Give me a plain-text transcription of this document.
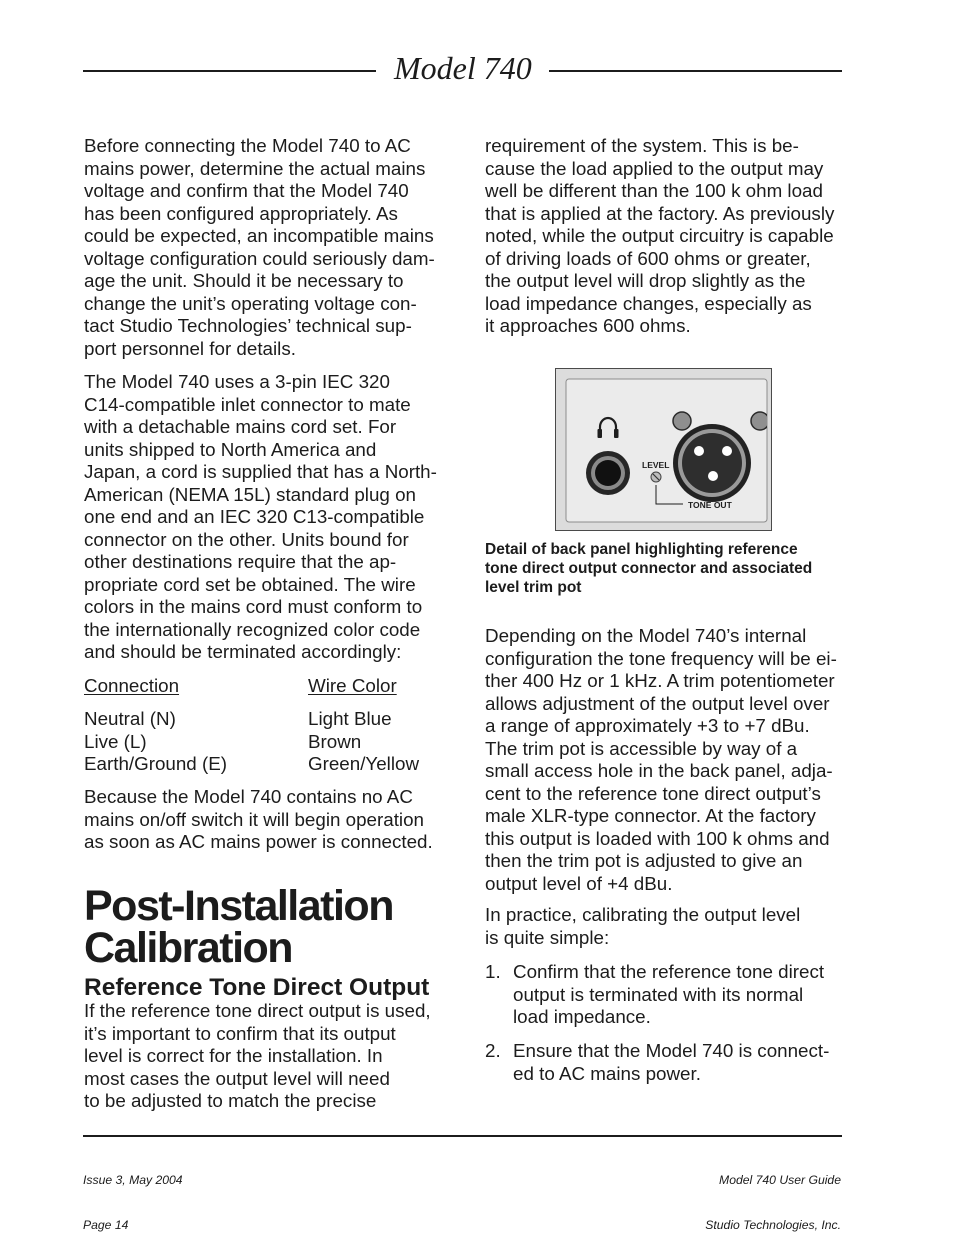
Model 740
Before connecting the Model 740 to AC
mains power, determine the actual mains
voltage and confirm that the Model 740
has been configured appropriately. As
could be expected, an incompatible mains
voltage configuration could seriously dam-
age the unit. Should it be necessary to
change the unit’s operating voltage con-
tact Studio Technologies’ technical sup-
port personnel for details.
The Model 740 uses a 3-pin IEC 320
C14-compatible inlet connector to mate
with a detachable mains cord set. For
units shipped to North America and
Japan, a cord is supplied that has a North-
American (NEMA 15L) standard plug on
one end and an IEC 320 C13-compatible
connector on the other. Units bound for
other destinations require that the ap-
propriate cord set be obtained. The wire
colors in the mains cord must conform to
the internationally recognized color code
and should be terminated accordingly:
Connection	Wire Color
Neutral (N)	Light Blue
Live (L)	Brown
Earth/Ground (E)	Green/Yellow
Because the Model 740 contains no AC
mains on/off switch it will begin operation
as soon as AC mains power is connected.
Post-Installation
Calibration
Reference Tone Direct Output
If the reference tone direct output is used,
it’s important to confirm that its output
level is correct for the installation. In
most cases the output level will need
to be adjusted to match the precise
requirement of the system. This is be-
cause the load applied to the output may
well be different than the 100 k ohm load
that is applied at the factory. As previously
noted, while the output circuitry is capable
of driving loads of 600 ohms or greater,
the output level will drop slightly as the
load impedance changes, especially as
it approaches 600 ohms.
LEVEL
TONE OUT
Detail of back panel highlighting reference
tone direct output connector and associated
level trim pot
Depending on the Model 740’s internal
configuration the tone frequency will be ei-
ther 400 Hz or 1 kHz. A trim potentiometer
allows adjustment of the output level over
a range of approximately +3 to +7 dBu.
The trim pot is accessible by way of a
small access hole in the back panel, adja-
cent to the reference tone direct output’s
male XLR-type connector. At the factory
this output is loaded with 100 k ohms and
then the trim pot is adjusted to give an
output level of +4 dBu.
In practice, calibrating the output level
is quite simple:
1. Confirm that the reference tone direct
output is terminated with its normal
load impedance.
2. Ensure that the Model 740 is connect-
ed to AC mains power.

Issue 3, May 2004

Page 14

Model 740 User Guide

Studio Technologies, Inc.
